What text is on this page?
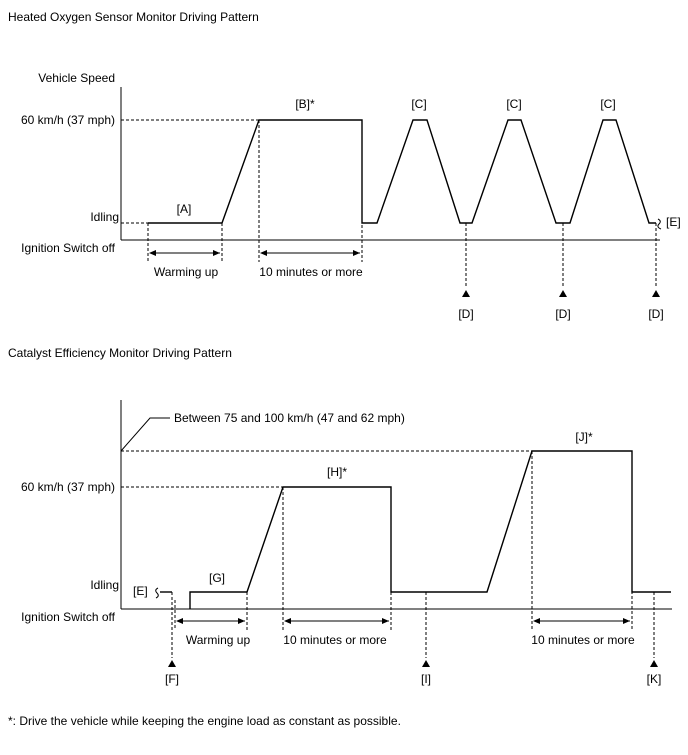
Heated Oxygen Sensor Monitor Driving Pattern
Vehicle Speed
60 km/h (37 mph)
Idling
Ignition Switch off
[A]
[B]*	[C]	[C]	[C]
[E]
Warming up	10 minutes or more
[D]	[D]	[D]
Catalyst Efficiency Monitor Driving Pattern
Between 75 and 100 km/h (47 and 62 mph)
60 km/h (37 mph)
Idling
Ignition Switch off
[E]
[F]
[G]
[H]*
[J]*
Warming up	10 minutes or more	10 minutes or more
[I]	[K]
*: Drive the vehicle while keeping the engine load as constant as possible.
